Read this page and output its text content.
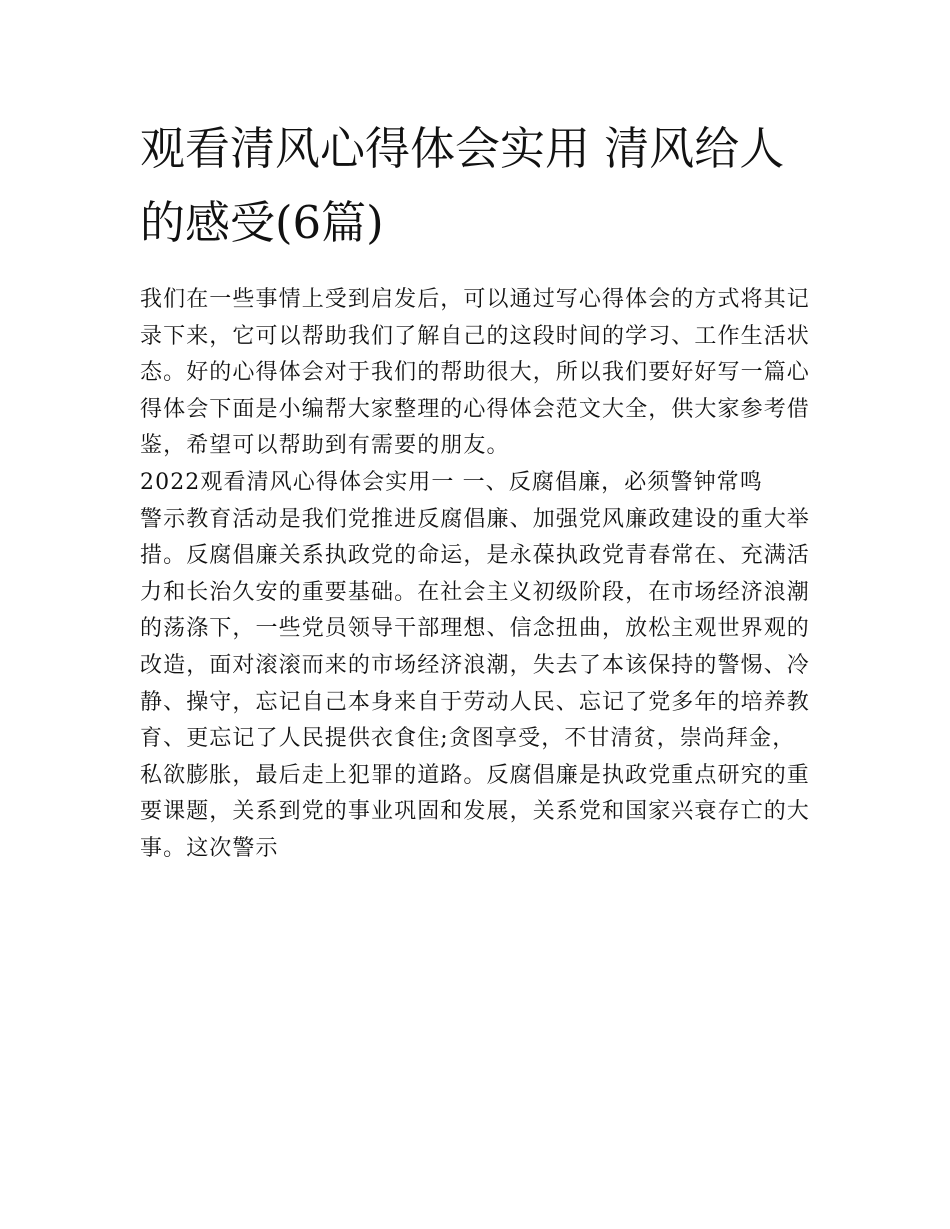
观看清风心得体会实用 清风给人的感受(6篇)

我们在一些事情上受到启发后，可以通过写心得体会的方式将其记录下来，它可以帮助我们了解自己的这段时间的学习、工作生活状态。好的心得体会对于我们的帮助很大，所以我们要好好写一篇心得体会下面是小编帮大家整理的心得体会范文大全，供大家参考借鉴，希望可以帮助到有需要的朋友。

2022观看清风心得体会实用一 一、反腐倡廉，必须警钟常鸣

警示教育活动是我们党推进反腐倡廉、加强党风廉政建设的重大举措。反腐倡廉关系执政党的命运，是永葆执政党青春常在、充满活力和长治久安的重要基础。在社会主义初级阶段，在市场经济浪潮的荡涤下，一些党员领导干部理想、信念扭曲，放松主观世界观的改造，面对滚滚而来的市场经济浪潮，失去了本该保持的警惕、冷静、操守，忘记自己本身来自于劳动人民、忘记了党多年的培养教育、更忘记了人民提供衣食住;贪图享受，不甘清贫，崇尚拜金，私欲膨胀，最后走上犯罪的道路。反腐倡廉是执政党重点研究的重要课题，关系到党的事业巩固和发展，关系党和国家兴衰存亡的大事。这次警示
